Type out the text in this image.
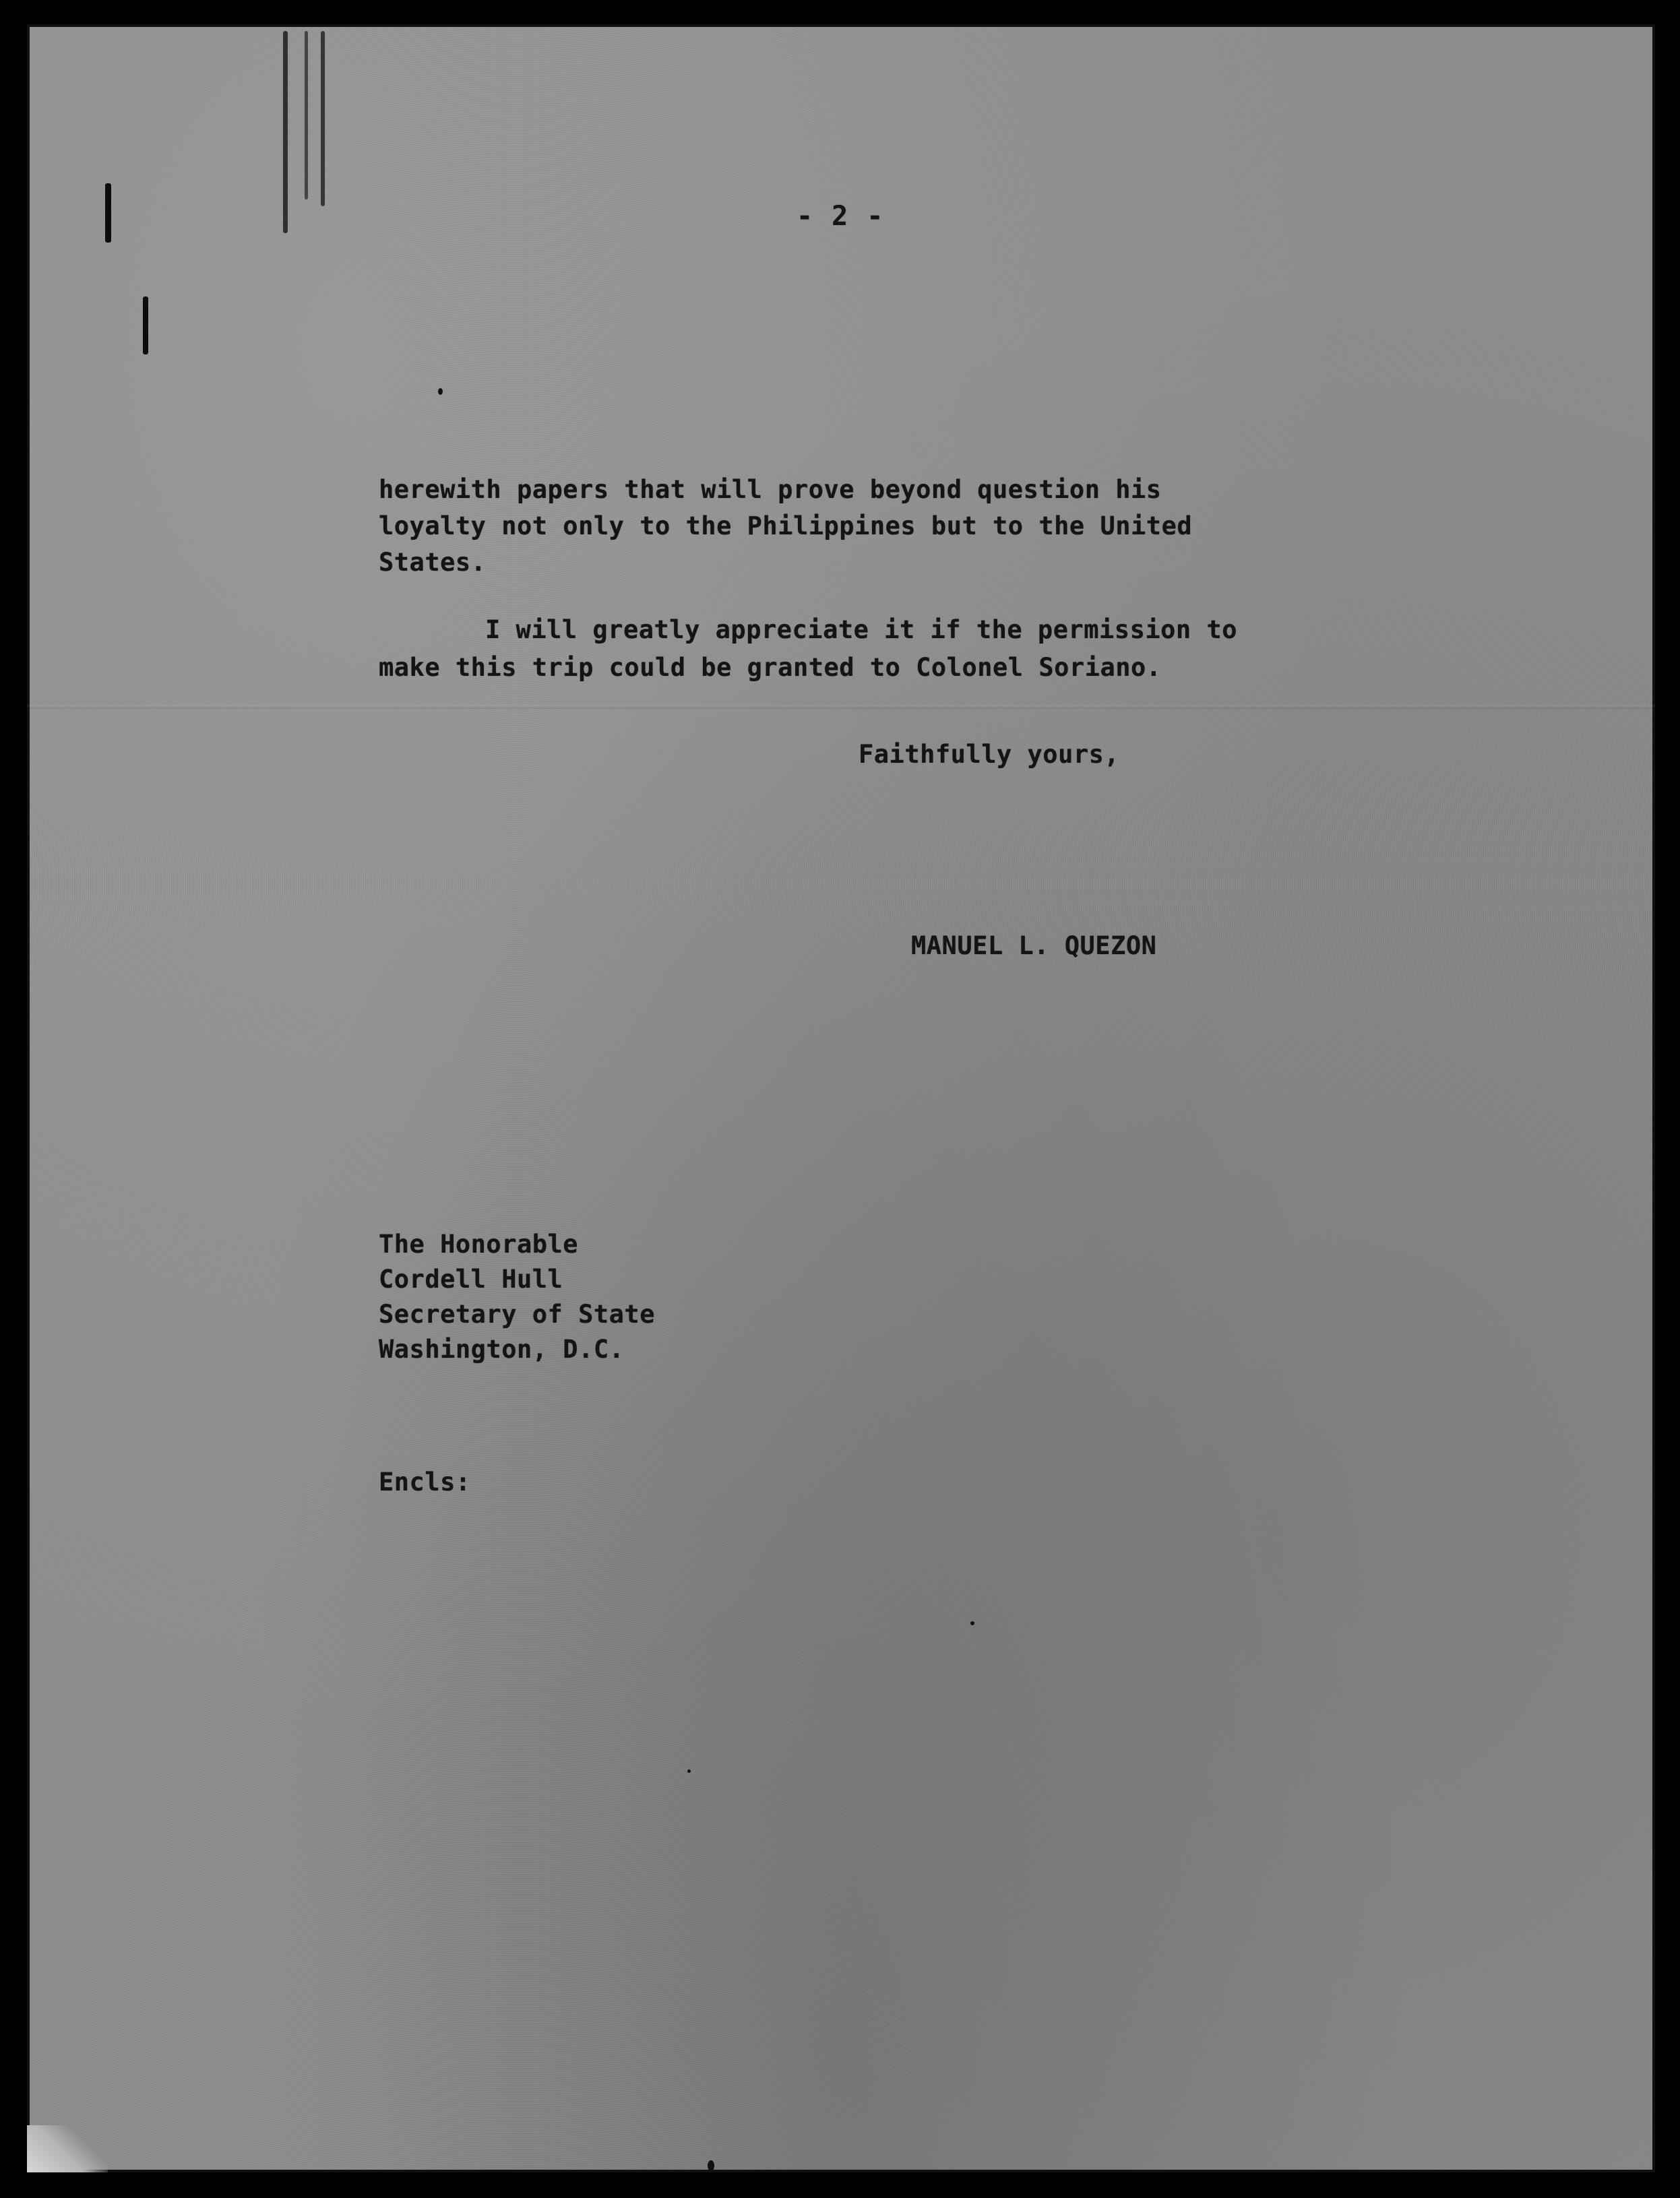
- 2 -
herewith papers that will prove beyond question his
loyalty not only to the Philippines but to the United
States.
I will greatly appreciate it if the permission to
make this trip could be granted to Colonel Soriano.
Faithfully yours,
MANUEL L. QUEZON
The Honorable
Cordell Hull
Secretary of State
Washington, D.C.
Encls:
